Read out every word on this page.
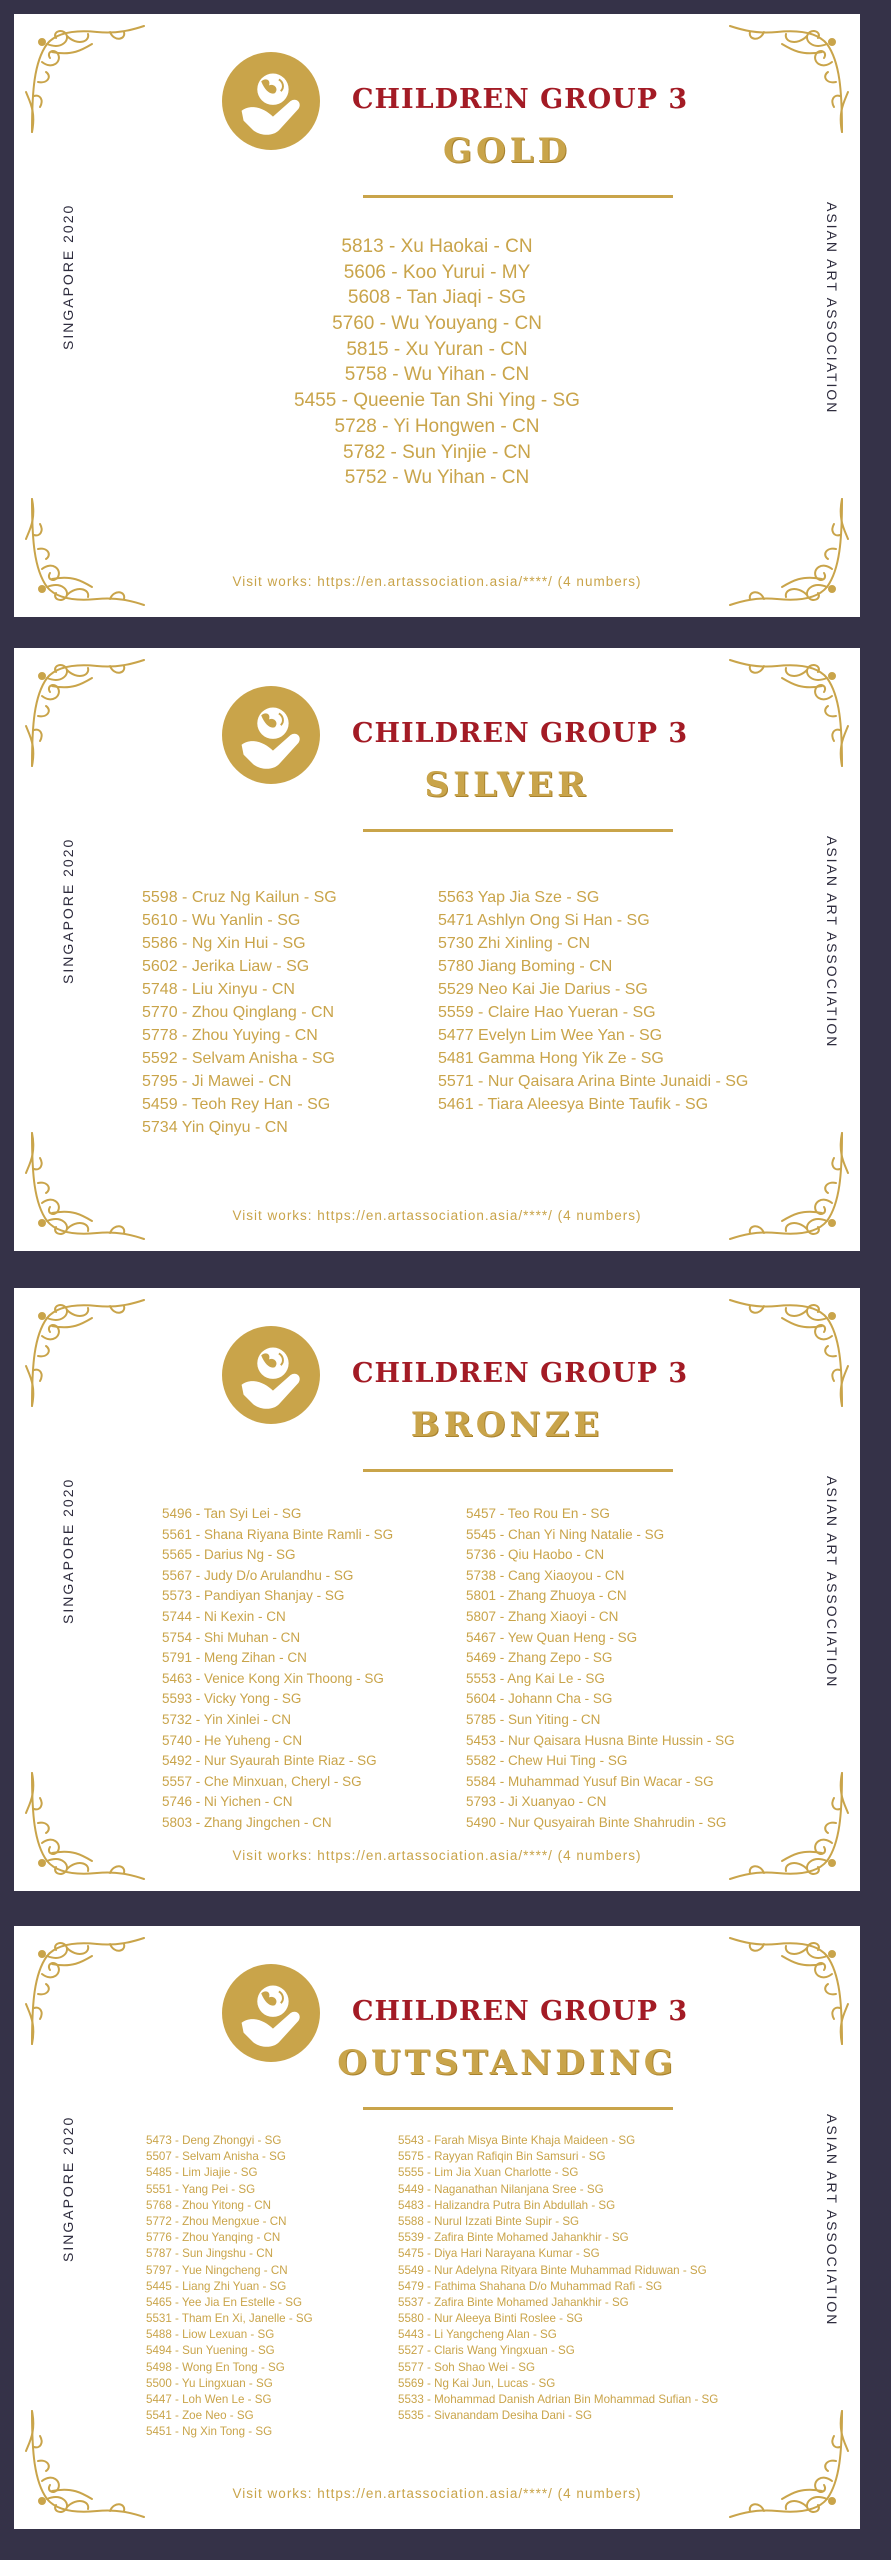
CHILDREN GROUP 3
GOLD
SINGAPORE 2020	ASIAN ART ASSOCIATION
5813 - Xu Haokai - CN
5606 - Koo Yurui - MY
5608 - Tan Jiaqi - SG
5760 - Wu Youyang - CN
5815 - Xu Yuran - CN
5758 - Wu Yihan - CN
5455 - Queenie Tan Shi Ying - SG
5728 - Yi Hongwen - CN
5782 - Sun Yinjie - CN
5752 - Wu Yihan - CN
Visit works: https://en.artassociation.asia/****/ (4 numbers)
CHILDREN GROUP 3
SILVER
SINGAPORE 2020	ASIAN ART ASSOCIATION
5598 - Cruz Ng Kailun - SG
5610 - Wu Yanlin - SG
5586 - Ng Xin Hui - SG
5602 - Jerika Liaw - SG
5748 - Liu Xinyu - CN
5770 - Zhou Qinglang - CN
5778 - Zhou Yuying - CN
5592 - Selvam Anisha - SG
5795 - Ji Mawei - CN
5459 - Teoh Rey Han - SG
5734 Yin Qinyu - CN
5563 Yap Jia Sze - SG
5471 Ashlyn Ong Si Han - SG
5730 Zhi Xinling - CN
5780 Jiang Boming - CN
5529 Neo Kai Jie Darius - SG
5559 - Claire Hao Yueran - SG
5477 Evelyn Lim Wee Yan - SG
5481 Gamma Hong Yik Ze - SG
5571 - Nur Qaisara Arina Binte Junaidi - SG
5461 - Tiara Aleesya Binte Taufik - SG
Visit works: https://en.artassociation.asia/****/ (4 numbers)
CHILDREN GROUP 3
BRONZE
SINGAPORE 2020	ASIAN ART ASSOCIATION
5496 - Tan Syi Lei - SG
5561 - Shana Riyana Binte Ramli - SG
5565 - Darius Ng - SG
5567 - Judy D/o Arulandhu - SG
5573 - Pandiyan Shanjay - SG
5744 - Ni Kexin - CN
5754 - Shi Muhan - CN
5791 - Meng Zihan - CN
5463 - Venice Kong Xin Thoong - SG
5593 - Vicky Yong - SG
5732 - Yin Xinlei - CN
5740 - He Yuheng - CN
5492 - Nur Syaurah Binte Riaz - SG
5557 - Che Minxuan, Cheryl - SG
5746 - Ni Yichen - CN
5803 - Zhang Jingchen - CN
5457 - Teo Rou En - SG
5545 - Chan Yi Ning Natalie - SG
5736 - Qiu Haobo - CN
5738 - Cang Xiaoyou - CN
5801 - Zhang Zhuoya - CN
5807 - Zhang Xiaoyi - CN
5467 - Yew Quan Heng - SG
5469 - Zhang Zepo - SG
5553 - Ang Kai Le - SG
5604 - Johann Cha - SG
5785 - Sun Yiting - CN
5453 - Nur Qaisara Husna Binte Hussin - SG
5582 - Chew Hui Ting - SG
5584 - Muhammad Yusuf Bin Wacar - SG
5793 - Ji Xuanyao - CN
5490 - Nur Qusyairah Binte Shahrudin - SG
Visit works: https://en.artassociation.asia/****/ (4 numbers)
CHILDREN GROUP 3
OUTSTANDING
SINGAPORE 2020	ASIAN ART ASSOCIATION
5473 - Deng Zhongyi - SG
5507 - Selvam Anisha - SG
5485 - Lim Jiajie - SG
5551 - Yang Pei - SG
5768 - Zhou Yitong - CN
5772 - Zhou Mengxue - CN
5776 - Zhou Yanqing - CN
5787 - Sun Jingshu - CN
5797 - Yue Ningcheng - CN
5445 - Liang Zhi Yuan - SG
5465 - Yee Jia En Estelle - SG
5531 - Tham En Xi, Janelle - SG
5488 - Liow Lexuan - SG
5494 - Sun Yuening - SG
5498 - Wong En Tong - SG
5500 - Yu Lingxuan - SG
5447 - Loh Wen Le - SG
5541 - Zoe Neo - SG
5451 - Ng Xin Tong - SG
5543 - Farah Misya Binte Khaja Maideen - SG
5575 - Rayyan Rafiqin Bin Samsuri - SG
5555 - Lim Jia Xuan Charlotte - SG
5449 - Naganathan Nilanjana Sree - SG
5483 - Halizandra Putra Bin Abdullah - SG
5588 - Nurul Izzati Binte Supir - SG
5539 - Zafira Binte Mohamed Jahankhir - SG
5475 - Diya Hari Narayana Kumar - SG
5549 - Nur Adelyna Rityara Binte Muhammad Riduwan - SG
5479 - Fathima Shahana D/o Muhammad Rafi - SG
5537 - Zafira Binte Mohamed Jahankhir - SG
5580 - Nur Aleeya Binti Roslee - SG
5443 - Li Yangcheng Alan - SG
5527 - Claris Wang Yingxuan - SG
5577 - Soh Shao Wei - SG
5569 - Ng Kai Jun, Lucas - SG
5533 - Mohammad Danish Adrian Bin Mohammad Sufian - SG
5535 - Sivanandam Desiha Dani - SG
Visit works: https://en.artassociation.asia/****/ (4 numbers)
